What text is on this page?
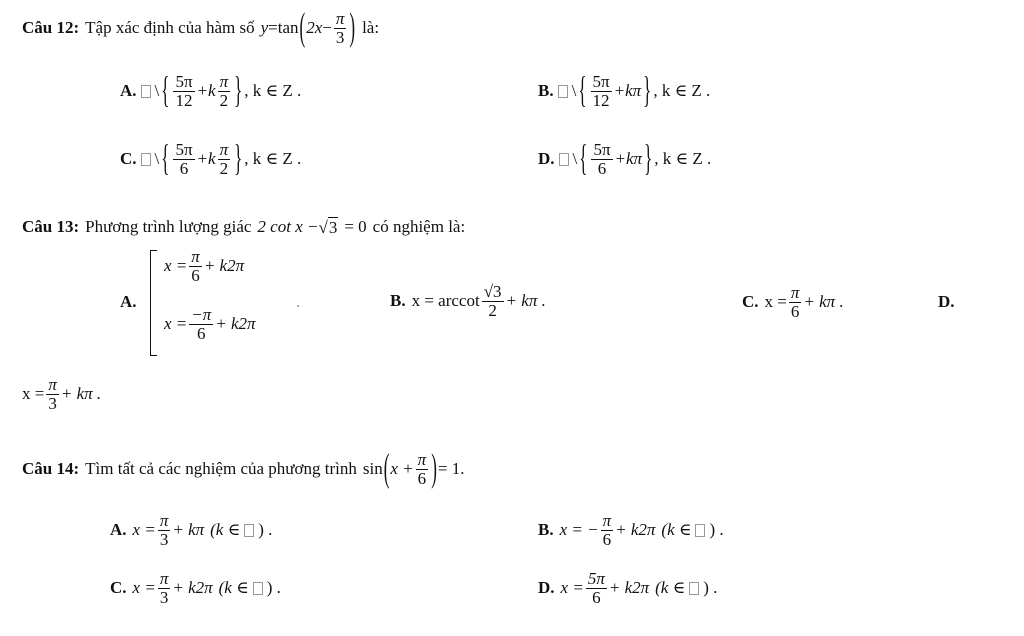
Câu 12: Tập xác định của hàm số y = tan ( $2x - \frac{\pi}{3}$ ) là:
A. \ { $\frac{5\pi}{12} +k \frac{\pi}{2}$ } , k ∈ Z .	B. \ { $\frac{5\pi}{12} +k\pi$ } , k ∈ Z .
C. \ { $\frac{5\pi}{6} +k \frac{\pi}{2}$ } , k ∈ Z .	D. \ { $\frac{5\pi}{6} +k\pi$ } , k ∈ Z .
Câu 13: Phương trình lượng giác 2 cot x − √ 3 = 0 có nghiệm là:
A.
$x = \frac{\pi}{6} + k2\pi$
$x = \frac{-\pi}{6} + k2\pi$
.	B. x = arccot $\frac{√3}{2} + k\pi$ .	C. $x = \frac{\pi}{6} + k\pi$ .	D.
$x = \frac{\pi}{3} + k\pi$ .
Câu 14: Tìm tất cả các nghiệm của phương trình sin ( $x + \frac{\pi}{6}$ ) = 1.
A. $x = \frac{\pi}{3} + k\pi$ (k ∈ ) .	B. x = − $\frac{\pi}{6} + k2\pi$ (k ∈ ) .
C. $x = \frac{\pi}{3} + k2\pi$ (k ∈ ) .	D. $x = \frac{5\pi}{6} + k2\pi$ (k ∈ ) .
